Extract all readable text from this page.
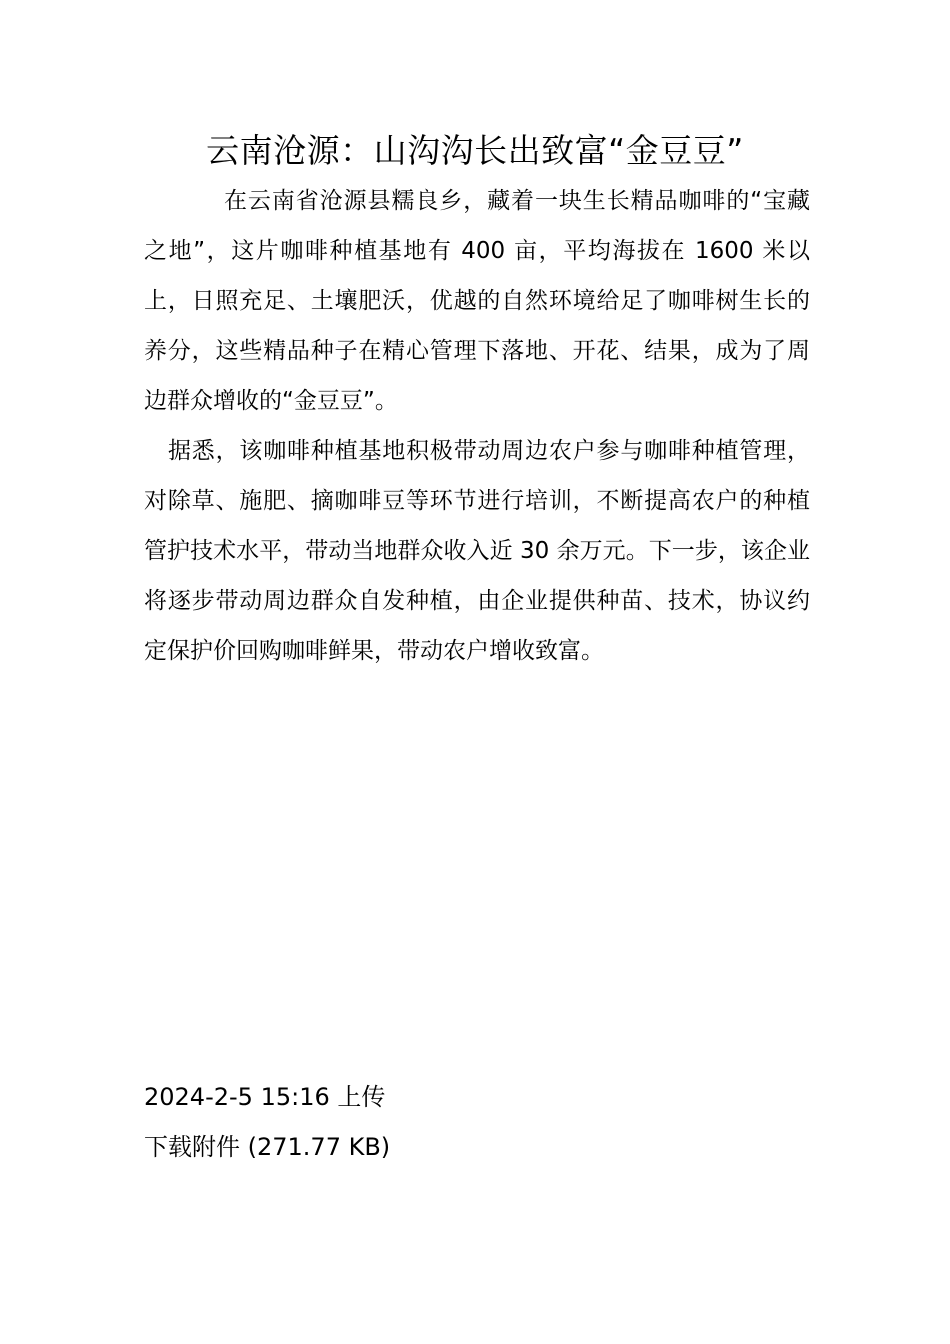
云南沧源：山沟沟长出致富“金豆豆”

在云南省沧源县糯良乡，藏着一块生长精品咖啡的“宝藏之地”，这片咖啡种植基地有 400 亩，平均海拔在 1600 米以上，日照充足、土壤肥沃，优越的自然环境给足了咖啡树生长的养分，这些精品种子在精心管理下落地、开花、结果，成为了周边群众增收的“金豆豆”。

据悉，该咖啡种植基地积极带动周边农户参与咖啡种植管理，对除草、施肥、摘咖啡豆等环节进行培训，不断提高农户的种植管护技术水平，带动当地群众收入近 30 余万元。下一步，该企业将逐步带动周边群众自发种植，由企业提供种苗、技术，协议约定保护价回购咖啡鲜果，带动农户增收致富。

2024-2-5 15:16 上传
下载附件 (271.77 KB)
